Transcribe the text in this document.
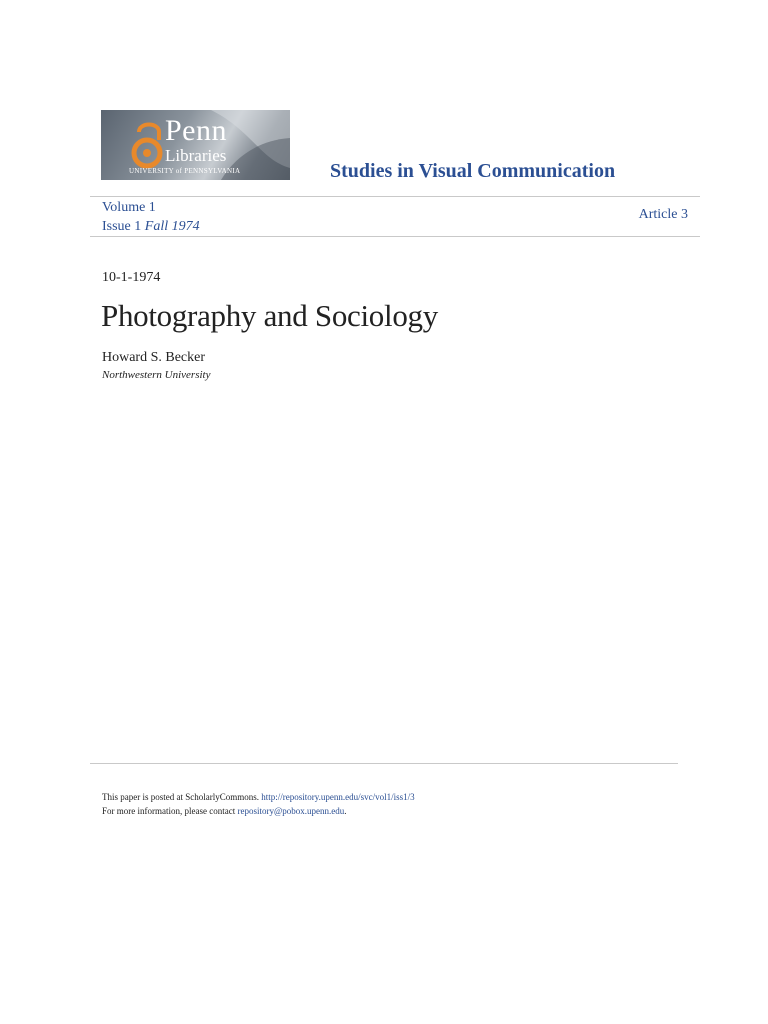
Penn
Libraries
UNIVERSITY of PENNSYLVANIA	Studies in Visual Communication
Volume 1
Issue 1 Fall 1974
Article 3
10-1-1974
Photography and Sociology
Howard S. Becker
Northwestern University
This paper is posted at ScholarlyCommons. http://repository.upenn.edu/svc/vol1/iss1/3
For more information, please contact repository@pobox.upenn.edu.
